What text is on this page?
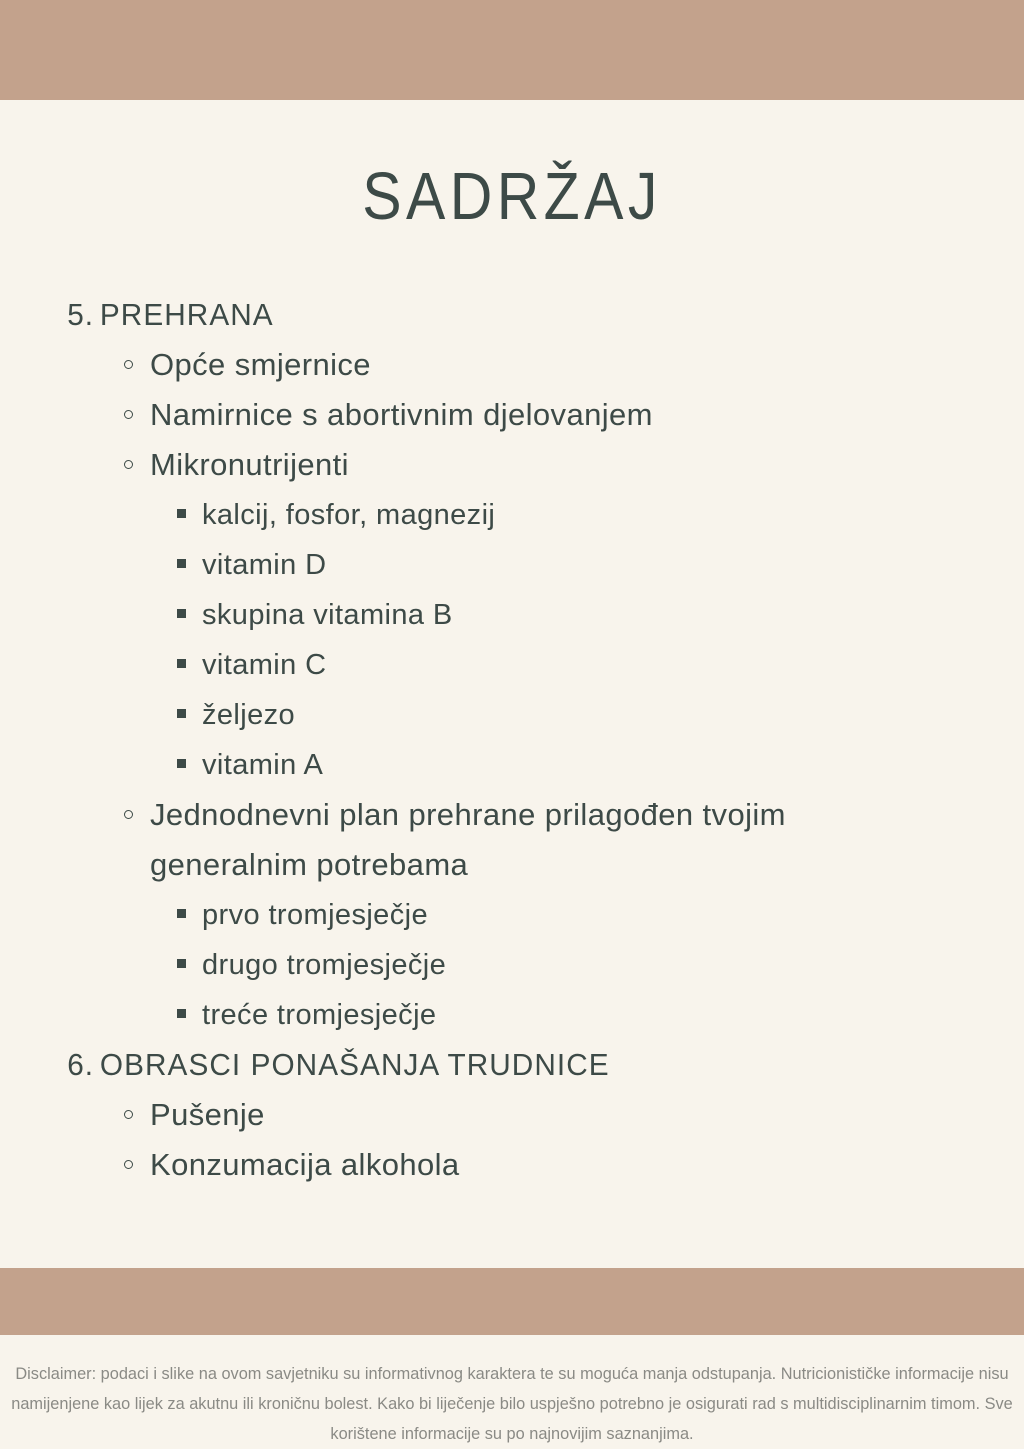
SADRŽAJ
5. PREHRANA
Opće smjernice
Namirnice s abortivnim djelovanjem
Mikronutrijenti
kalcij, fosfor, magnezij
vitamin D
skupina vitamina B
vitamin C
željezo
vitamin A
Jednodnevni plan prehrane prilagođen tvojim generalnim potrebama
prvo tromjesječje
drugo tromjesječje
treće tromjesječje
6. OBRASCI PONAŠANJA TRUDNICE
Pušenje
Konzumacija alkohola
Disclaimer: podaci i slike na ovom savjetniku su informativnog karaktera te su moguća manja odstupanja. Nutricionističke informacije nisu namijenjene kao lijek za akutnu ili kroničnu bolest. Kako bi liječenje bilo uspješno potrebno je osigurati rad s multidisciplinarnim timom. Sve korištene informacije su po najnovijim saznanjima.
